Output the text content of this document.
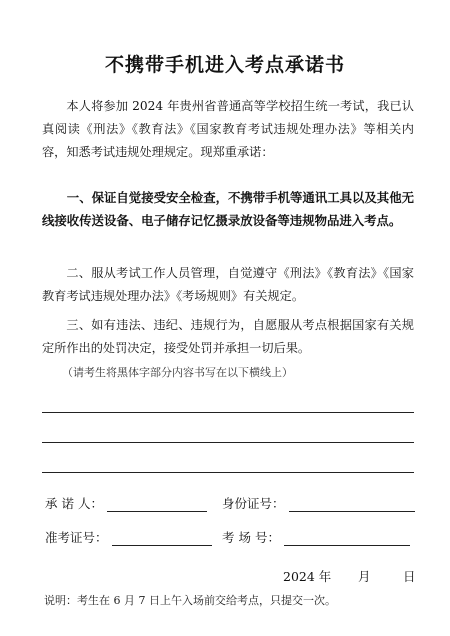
不携带手机进入考点承诺书

本人将参加 2024 年贵州省普通高等学校招生统一考试，我已认真阅读《刑法》《教育法》《国家教育考试违规处理办法》等相关内容，知悉考试违规处理规定。现郑重承诺：

一、保证自觉接受安全检查，不携带手机等通讯工具以及其他无线接收传送设备、电子储存记忆摄录放设备等违规物品进入考点。

二、服从考试工作人员管理，自觉遵守《刑法》《教育法》《国家教育考试违规处理办法》《考场规则》有关规定。

三、如有违法、违纪、违规行为，自愿服从考点根据国家有关规定所作出的处罚决定，接受处罚并承担一切后果。

（请考生将黑体字部分内容书写在以下横线上）
承 诺 人：	身份证号：
准考证号：	考 场 号：
2024 年 月	日
说明：考生在 6 月 7 日上午入场前交给考点，只提交一次。
